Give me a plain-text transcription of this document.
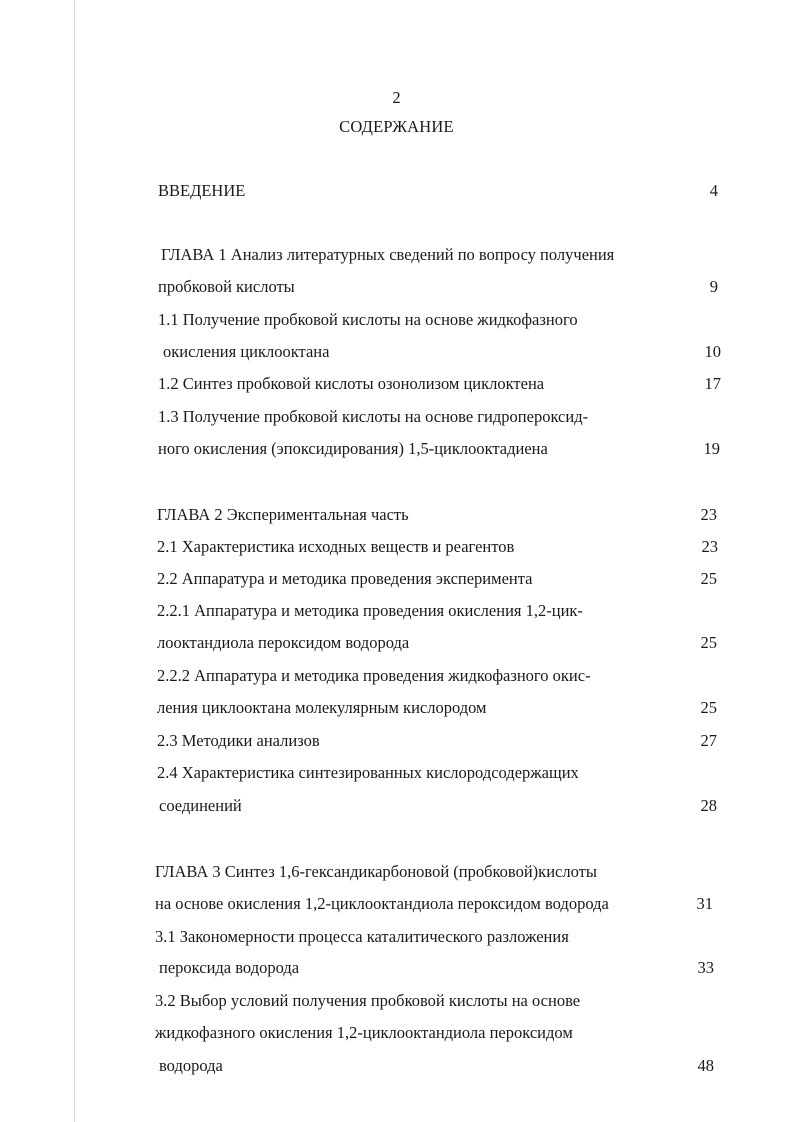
2
СОДЕРЖАНИЕ
ВВЕДЕНИЕ	4
ГЛАВА 1 Анализ литературных сведений по вопросу получения
пробковой кислоты	9
1.1 Получение пробковой кислоты на основе жидкофазного
окисления циклооктана	10
1.2 Синтез пробковой кислоты озонолизом циклоктена	17
1.3 Получение пробковой кислоты на основе гидропероксид-
ного окисления (эпоксидирования) 1,5-циклооктадиена	19
ГЛАВА 2 Экспериментальная часть	23
2.1 Характеристика исходных веществ и реагентов	23
2.2 Аппаратура и методика проведения эксперимента	25
2.2.1 Аппаратура и методика проведения окисления 1,2-цик-
лооктандиола пероксидом водорода	25
2.2.2 Аппаратура и методика проведения жидкофазного окис-
ления циклооктана молекулярным кислородом	25
2.3 Методики анализов	27
2.4 Характеристика синтезированных кислородсодержащих
соединений	28
ГЛАВА 3 Синтез 1,6-гександикарбоновой (пробковой)кислоты
на основе окисления 1,2-циклооктандиола пероксидом водорода	31
3.1 Закономерности процесса каталитического разложения
пероксида водорода	33
3.2 Выбор условий получения пробковой кислоты на основе
жидкофазного окисления 1,2-циклооктандиола пероксидом
водорода	48
